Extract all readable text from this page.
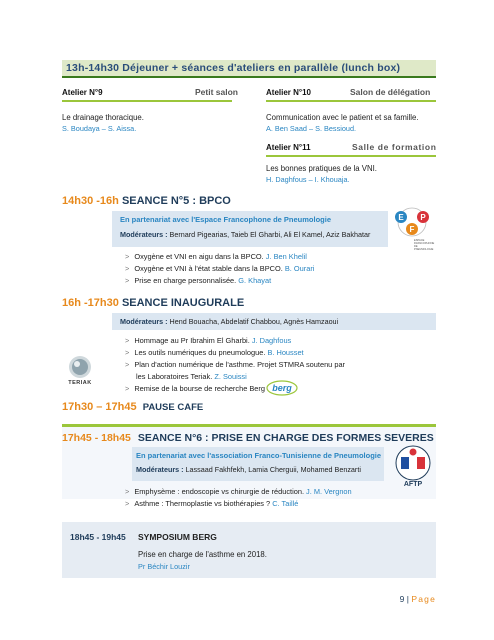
13h-14h30 Déjeuner + séances d'ateliers en parallèle (lunch box)
Atelier N°9	Petit salon
Le drainage thoracique.
S. Boudaya – S. Aissa.
Atelier N°10	Salon de délégation
Communication avec le patient et sa famille.
A. Ben Saad – S. Bessioud.
Atelier N°11	Salle de formation
Les bonnes pratiques de la VNI.
H. Daghfous – I. Khouaja.
14h30 -16h SEANCE N°5 : BPCO
En partenariat avec l'Espace Francophone de Pneumologie
Modérateurs : Bernard Pigearias, Taieb El Gharbi, Ali El Kamel, Aziz Bakhatar
E P
F
ESPACE FRANCOPHONE DE PNEUMOLOGIE
> Oxygène et VNI en aigu dans la BPCO. J. Ben Khelil
> Oxygène et VNI à l'état stable dans la BPCO. B. Ourari
> Prise en charge personnalisée. G. Khayat
16h -17h30 SEANCE INAUGURALE
Modérateurs : Hend Bouacha, Abdelatif Chabbou, Agnès Hamzaoui
TERIAK
> Hommage au Pr Ibrahim El Gharbi. J. Daghfous
> Les outils numériques du pneumologue. B. Housset
> Plan d'action numérique de l'asthme. Projet STMRA soutenu par
les Laboratoires Teriak. Z. Souissi
> Remise de la bourse de recherche Berg berg
17h30 – 17h45 PAUSE CAFE
17h45 - 18h45 SEANCE N°6 : PRISE EN CHARGE DES FORMES SEVERES
En partenariat avec l'association Franco-Tunisienne de Pneumologie
Modérateurs : Lassaad Fakhfekh, Lamia Cherguii, Mohamed Benzarti
AFTP
> Emphysème : endoscopie vs chirurgie de réduction. J. M. Vergnon
> Asthme : Thermoplastie vs biothérapies ? C. Taillé
18h45 - 19h45 SYMPOSIUM BERG
Prise en charge de l'asthme en 2018.
Pr Béchir Louzir
9 | Page
